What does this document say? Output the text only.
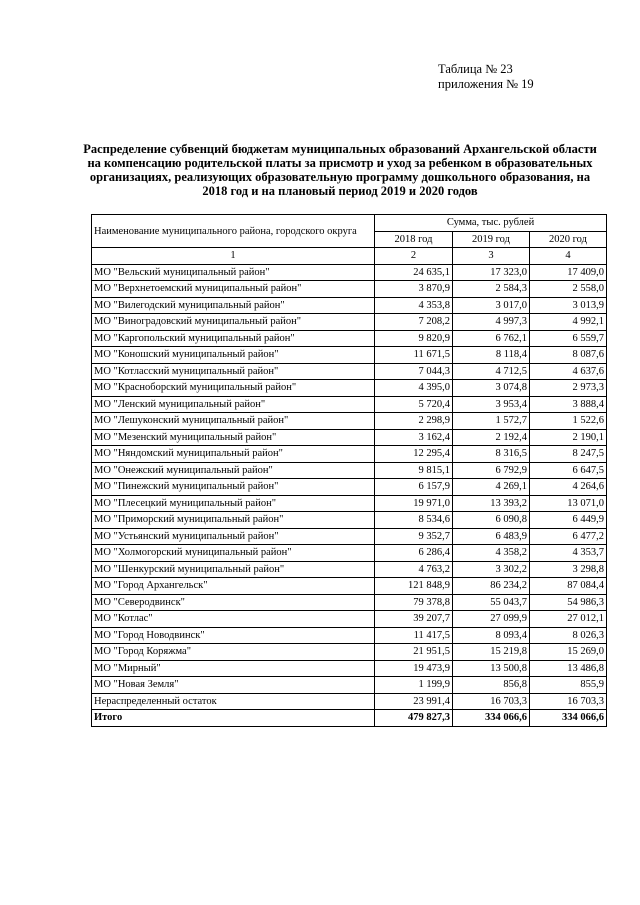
Таблица № 23
приложения № 19
Распределение субвенций бюджетам муниципальных образований Архангельской области на компенсацию родительской платы за присмотр и уход за ребенком в образовательных организациях, реализующих образовательную программу дошкольного образования, на 2018 год и на плановый период 2019 и 2020 годов
Наименование муниципального района, городского округа	Сумма, тыс. рублей		
	2018 год	2019 год	2020 год
1	2	3	4
МО "Вельский муниципальный район"	24 635,1	17 323,0	17 409,0
МО "Верхнетоемский муниципальный район"	3 870,9	2 584,3	2 558,0
МО "Вилегодский муниципальный район"	4 353,8	3 017,0	3 013,9
МО "Виноградовский муниципальный район"	7 208,2	4 997,3	4 992,1
МО "Каргопольский муниципальный район"	9 820,9	6 762,1	6 559,7
МО "Коношский муниципальный район"	11 671,5	8 118,4	8 087,6
МО "Котласский муниципальный район"	7 044,3	4 712,5	4 637,6
МО "Красноборский муниципальный район"	4 395,0	3 074,8	2 973,3
МО "Ленский муниципальный район"	5 720,4	3 953,4	3 888,4
МО "Лешуконский муниципальный район"	2 298,9	1 572,7	1 522,6
МО "Мезенский муниципальный район"	3 162,4	2 192,4	2 190,1
МО "Няндомский муниципальный район"	12 295,4	8 316,5	8 247,5
МО "Онежский муниципальный район"	9 815,1	6 792,9	6 647,5
МО "Пинежский муниципальный район"	6 157,9	4 269,1	4 264,6
МО "Плесецкий муниципальный район"	19 971,0	13 393,2	13 071,0
МО "Приморский муниципальный район"	8 534,6	6 090,8	6 449,9
МО "Устьянский муниципальный район"	9 352,7	6 483,9	6 477,2
МО "Холмогорский муниципальный район"	6 286,4	4 358,2	4 353,7
МО "Шенкурский муниципальный район"	4 763,2	3 302,2	3 298,8
МО "Город Архангельск"	121 848,9	86 234,2	87 084,4
МО "Северодвинск"	79 378,8	55 043,7	54 986,3
МО "Котлас"	39 207,7	27 099,9	27 012,1
МО "Город Новодвинск"	11 417,5	8 093,4	8 026,3
МО "Город Коряжма"	21 951,5	15 219,8	15 269,0
МО "Мирный"	19 473,9	13 500,8	13 486,8
МО "Новая Земля"	1 199,9	856,8	855,9
Нераспределенный остаток	23 991,4	16 703,3	16 703,3
Итого	479 827,3	334 066,6	334 066,6
